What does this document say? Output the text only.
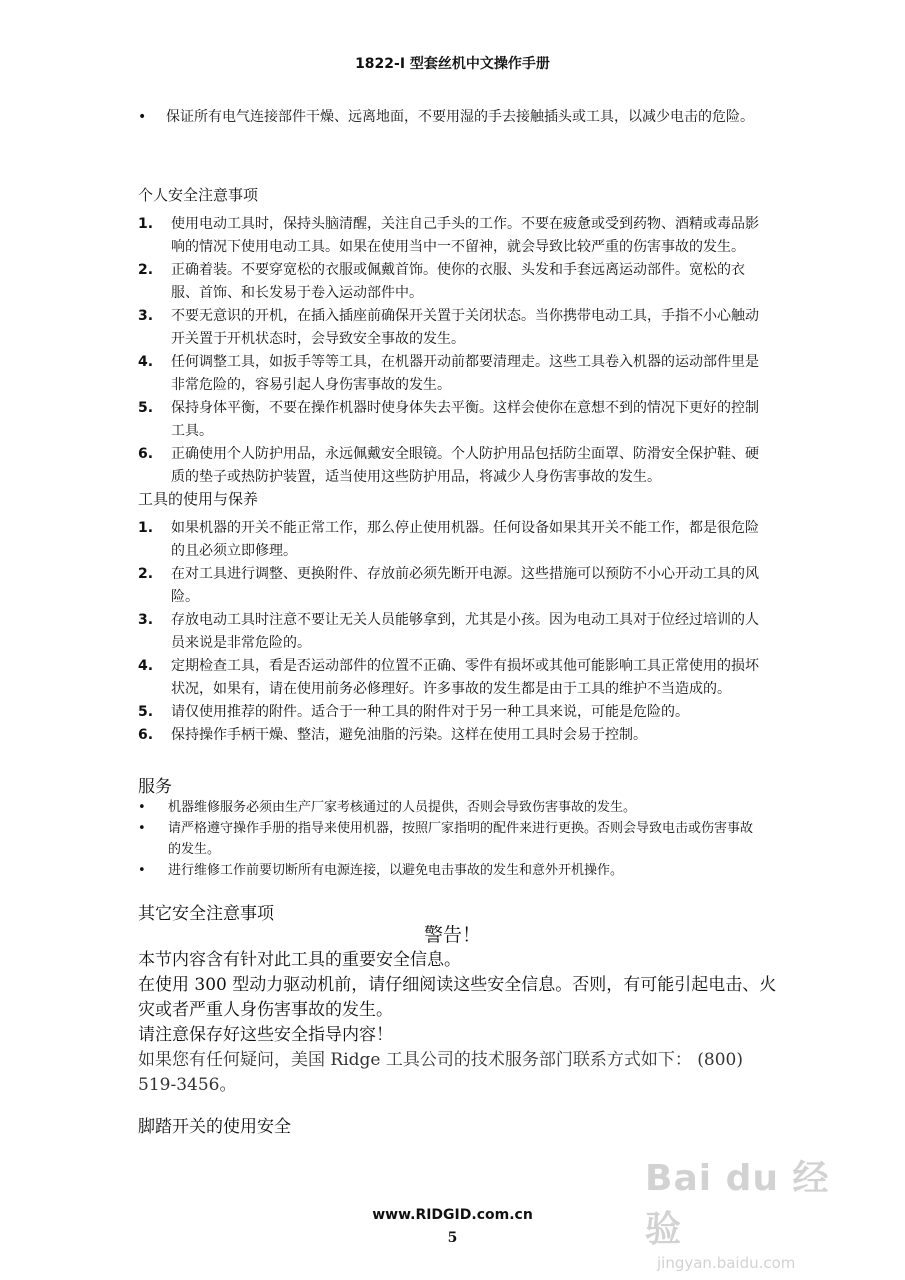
1822-I 型套丝机中文操作手册
• 保证所有电气连接部件干燥、远离地面，不要用湿的手去接触插头或工具，以减少电击的危险。
个人安全注意事项
1. 使用电动工具时，保持头脑清醒，关注自己手头的工作。不要在疲惫或受到药物、酒精或毒品影响的情况下使用电动工具。如果在使用当中一不留神，就会导致比较严重的伤害事故的发生。
2. 正确着装。不要穿宽松的衣服或佩戴首饰。使你的衣服、头发和手套远离运动部件。宽松的衣服、首饰、和长发易于卷入运动部件中。
3. 不要无意识的开机，在插入插座前确保开关置于关闭状态。当你携带电动工具，手指不小心触动开关置于开机状态时，会导致安全事故的发生。
4. 任何调整工具，如扳手等等工具，在机器开动前都要清理走。这些工具卷入机器的运动部件里是非常危险的，容易引起人身伤害事故的发生。
5. 保持身体平衡，不要在操作机器时使身体失去平衡。这样会使你在意想不到的情况下更好的控制工具。
6. 正确使用个人防护用品，永远佩戴安全眼镜。个人防护用品包括防尘面罩、防滑安全保护鞋、硬质的垫子或热防护装置，适当使用这些防护用品，将减少人身伤害事故的发生。
工具的使用与保养
1. 如果机器的开关不能正常工作，那么停止使用机器。任何设备如果其开关不能工作，都是很危险的且必须立即修理。
2. 在对工具进行调整、更换附件、存放前必须先断开电源。这些措施可以预防不小心开动工具的风险。
3. 存放电动工具时注意不要让无关人员能够拿到，尤其是小孩。因为电动工具对于位经过培训的人员来说是非常危险的。
4. 定期检查工具，看是否运动部件的位置不正确、零件有损坏或其他可能影响工具正常使用的损坏状况，如果有，请在使用前务必修理好。许多事故的发生都是由于工具的维护不当造成的。
5. 请仅使用推荐的附件。适合于一种工具的附件对于另一种工具来说，可能是危险的。
6. 保持操作手柄干燥、整洁，避免油脂的污染。这样在使用工具时会易于控制。
服务
• 机器维修服务必须由生产厂家考核通过的人员提供，否则会导致伤害事故的发生。
• 请严格遵守操作手册的指导来使用机器，按照厂家指明的配件来进行更换。否则会导致电击或伤害事故的发生。
• 进行维修工作前要切断所有电源连接，以避免电击事故的发生和意外开机操作。
其它安全注意事项
警告！
本节内容含有针对此工具的重要安全信息。
在使用 300 型动力驱动机前，请仔细阅读这些安全信息。否则，有可能引起电击、火灾或者严重人身伤害事故的发生。
请注意保存好这些安全指导内容！
如果您有任何疑问，美国 Ridge 工具公司的技术服务部门联系方式如下： (800) 519-3456。
脚踏开关的使用安全
Bai du 经验
jingyan.baidu.com
www.RIDGID.com.cn
5
